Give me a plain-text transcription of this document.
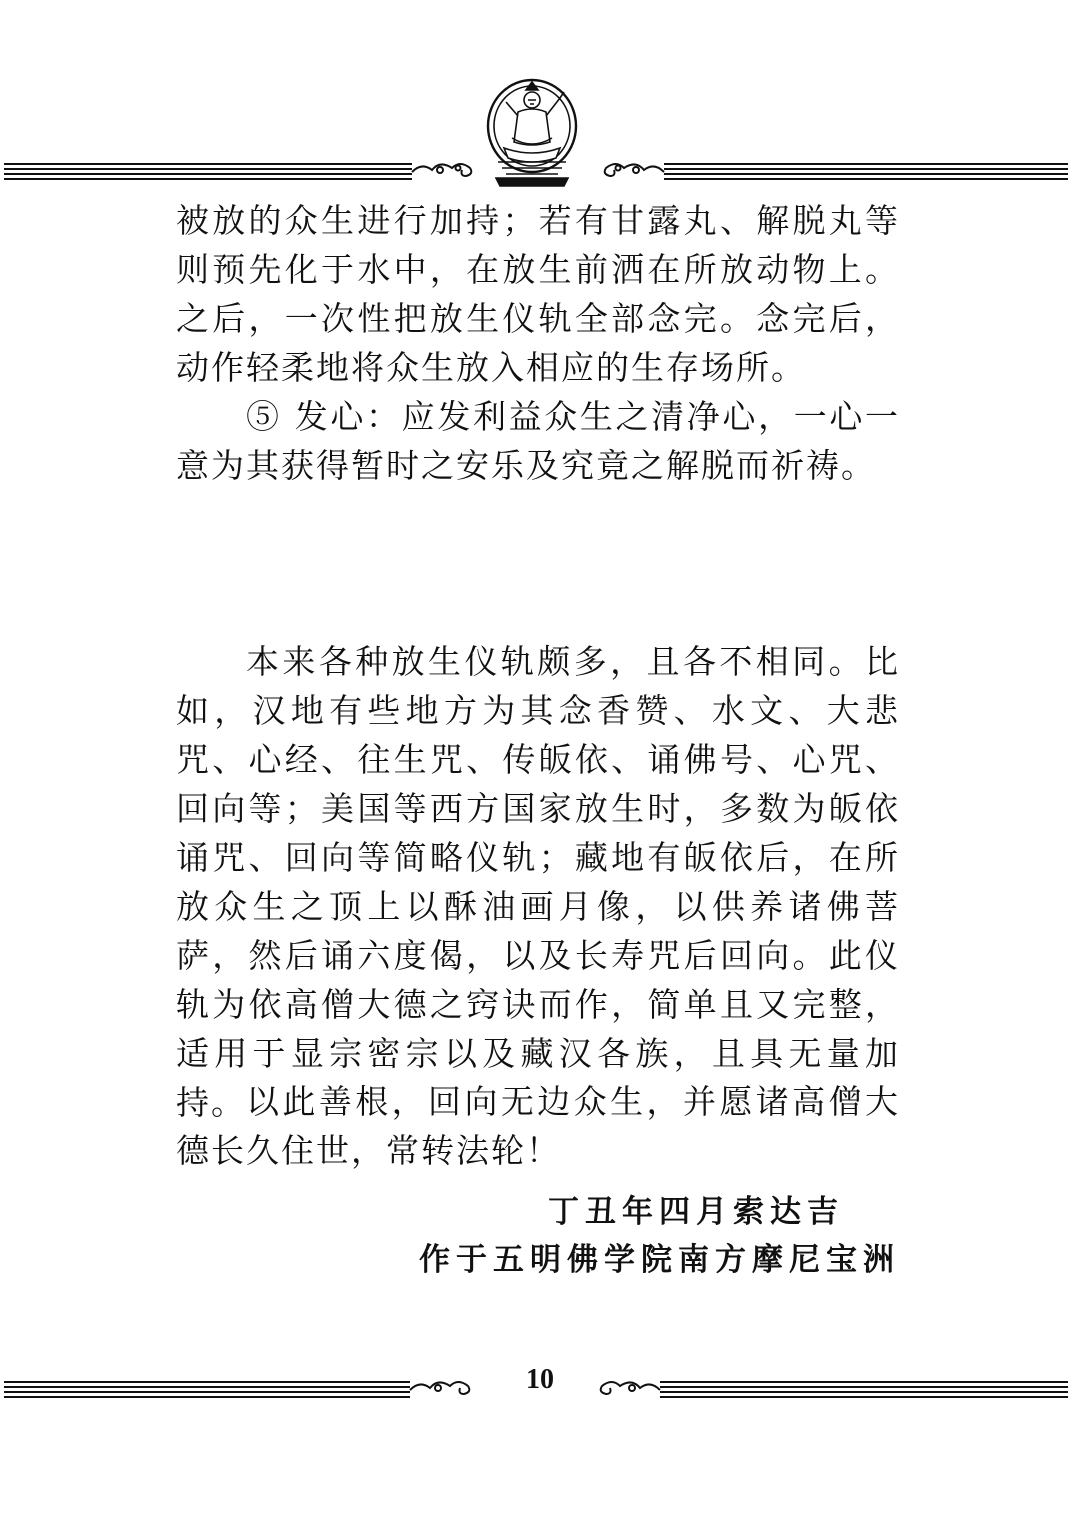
被放的众生进行加持；若有甘露丸、解脱丸等则预先化于水中，在放生前洒在所放动物上。之后，一次性把放生仪轨全部念完。念完后，动作轻柔地将众生放入相应的生存场所。

⑤ 发心：应发利益众生之清净心，一心一意为其获得暂时之安乐及究竟之解脱而祈祷。

本来各种放生仪轨颇多，且各不相同。比如，汉地有些地方为其念香赞、水文、大悲咒、心经、往生咒、传皈依、诵佛号、心咒、回向等；美国等西方国家放生时，多数为皈依诵咒、回向等简略仪轨；藏地有皈依后，在所放众生之顶上以酥油画月像，以供养诸佛菩萨，然后诵六度偈，以及长寿咒后回向。此仪轨为依高僧大德之窍诀而作，简单且又完整，适用于显宗密宗以及藏汉各族，且具无量加持。 以此善根，回向无边众生，并愿诸高僧大德长久住世，常转法轮！

丁丑年四月索达吉

作于五明佛学院南方摩尼宝洲

10
